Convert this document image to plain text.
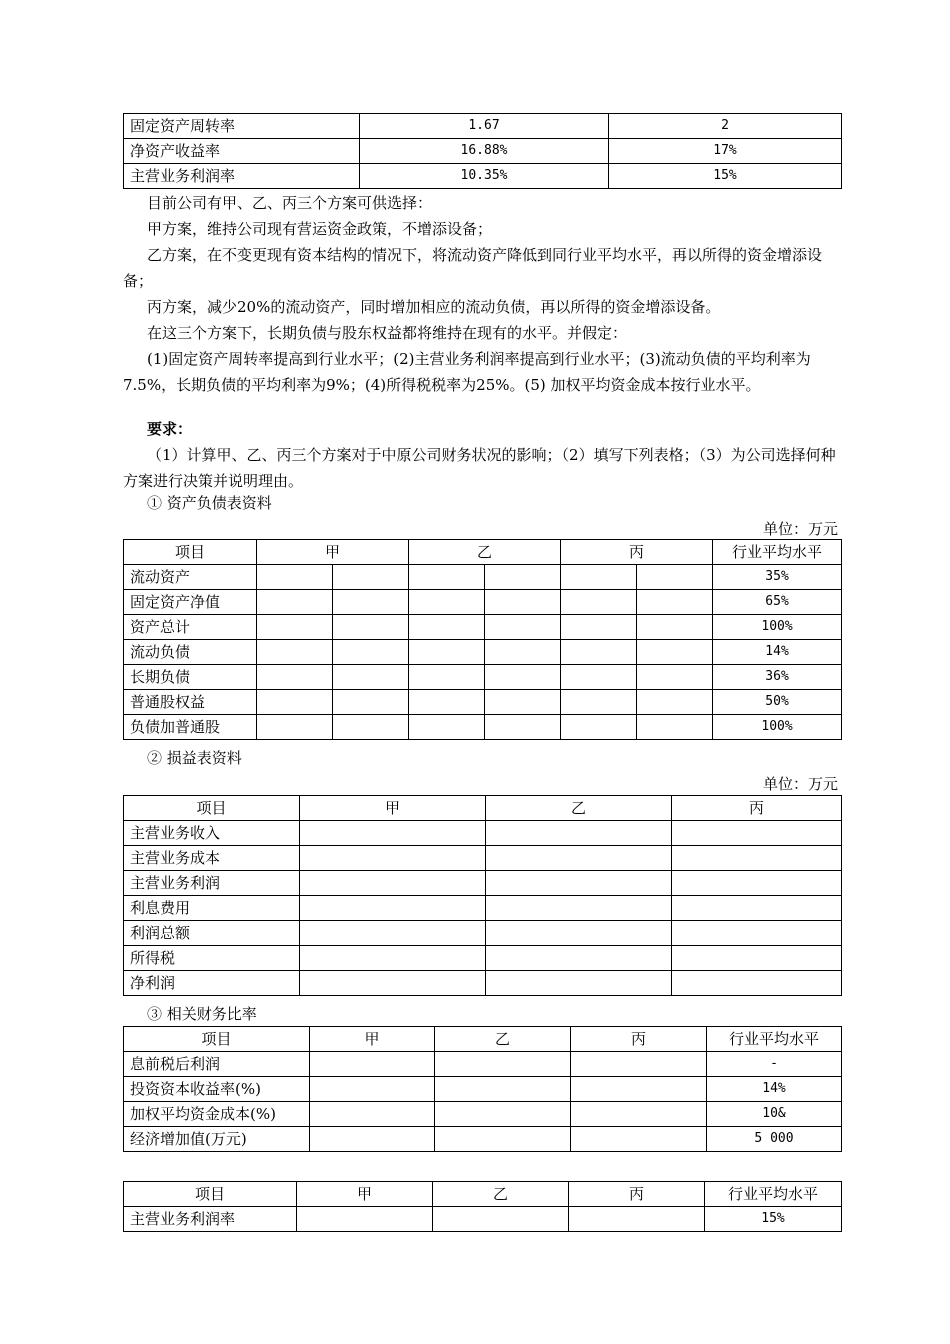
固定资产周转率	1.67	2
净资产收益率	16.88%	17%
主营业务利润率	10.35%	15%
目前公司有甲、乙、丙三个方案可供选择：
甲方案，维持公司现有营运资金政策，不增添设备；
乙方案，在不变更现有资本结构的情况下，将流动资产降低到同行业平均水平，再以所得的资金增添设备；
丙方案，减少20%的流动资产，同时增加相应的流动负债，再以所得的资金增添设备。
在这三个方案下，长期负债与股东权益都将维持在现有的水平。并假定：
(1)固定资产周转率提高到行业水平；(2)主营业务利润率提高到行业水平；(3)流动负债的平均利率为7.5%，长期负债的平均利率为9%；(4)所得税税率为25%。(5) 加权平均资金成本按行业水平。
要求：
（1）计算甲、乙、丙三个方案对于中原公司财务状况的影响；（2）填写下列表格；（3）为公司选择何种方案进行决策并说明理由。
① 资产负债表资料
单位：万元
项目	甲		乙		丙		行业平均水平
流动资产							35%
固定资产净值							65%
资产总计							100%
流动负债							14%
长期负债							36%
普通股权益							50%
负债加普通股							100%
② 损益表资料
单位：万元
项目	甲	乙	丙
主营业务收入			
主营业务成本			
主营业务利润			
利息费用			
利润总额			
所得税			
净利润			
③ 相关财务比率
项目	甲	乙	丙	行业平均水平
息前税后利润				-
投资资本收益率(%)				14%
加权平均资金成本(%)				10&
经济增加值(万元)				5 000
项目	甲	乙	丙	行业平均水平
主营业务利润率				15%
